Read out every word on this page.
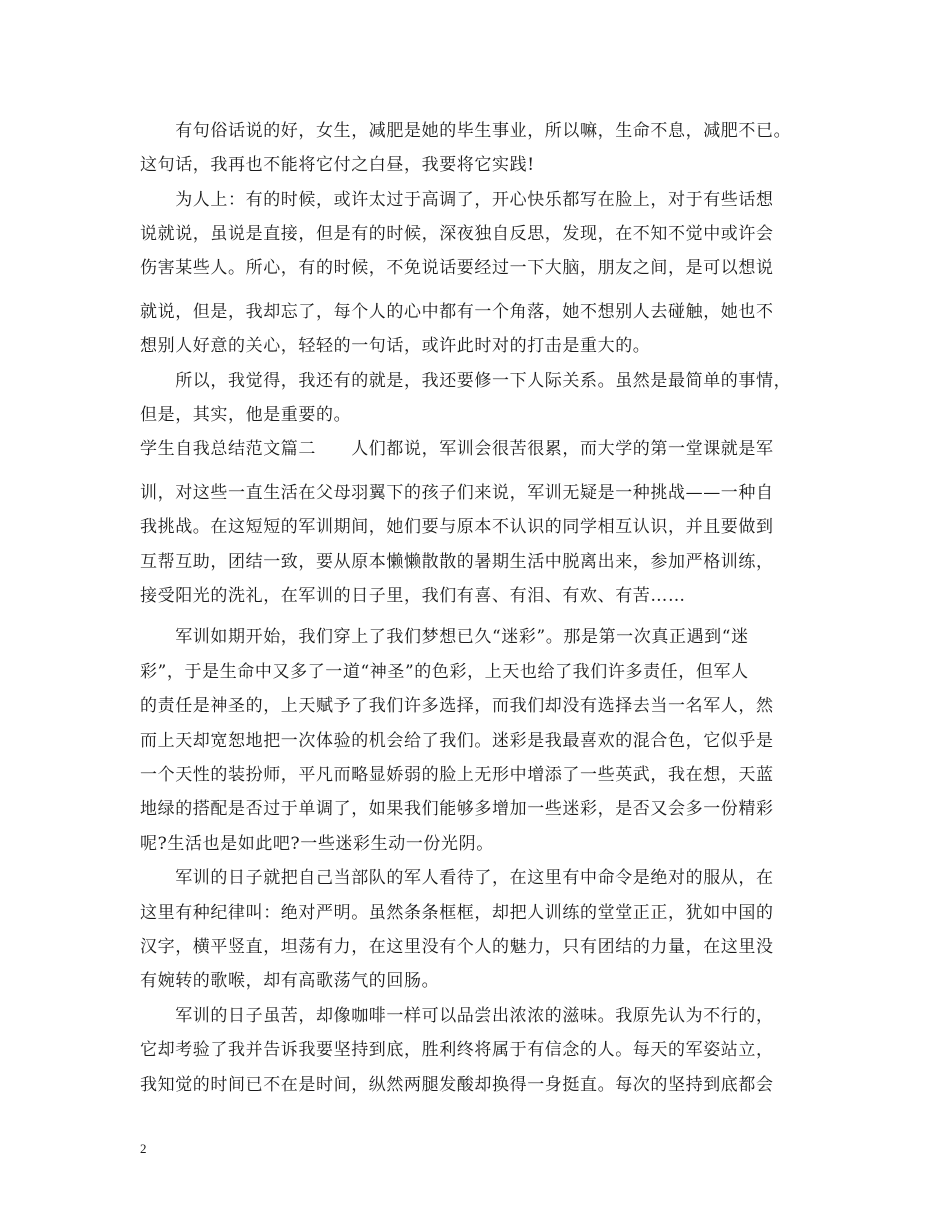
　　有句俗话说的好，女生，减肥是她的毕生事业，所以嘛，生命不息，减肥不已。
这句话，我再也不能将它付之白昼，我要将它实践!
　　为人上：有的时候，或许太过于高调了，开心快乐都写在脸上，对于有些话想
说就说，虽说是直接，但是有的时候，深夜独自反思，发现，在不知不觉中或许会
伤害某些人。所心，有的时候，不免说话要经过一下大脑，朋友之间，是可以想说
就说，但是，我却忘了，每个人的心中都有一个角落，她不想别人去碰触，她也不
想别人好意的关心，轻轻的一句话，或许此时对的打击是重大的。
　　所以，我觉得，我还有的就是，我还要修一下人际关系。虽然是最简单的事情，
但是，其实，他是重要的。
学生自我总结范文篇二　　人们都说，军训会很苦很累，而大学的第一堂课就是军
训，对这些一直生活在父母羽翼下的孩子们来说，军训无疑是一种挑战——一种自
我挑战。在这短短的军训期间，她们要与原本不认识的同学相互认识，并且要做到
互帮互助，团结一致，要从原本懒懒散散的暑期生活中脱离出来，参加严格训练，
接受阳光的洗礼，在军训的日子里，我们有喜、有泪、有欢、有苦……
　　军训如期开始，我们穿上了我们梦想已久“迷彩”。那是第一次真正遇到“迷
彩”，于是生命中又多了一道“神圣”的色彩，上天也给了我们许多责任，但军人
的责任是神圣的，上天赋予了我们许多选择，而我们却没有选择去当一名军人，然
而上天却宽恕地把一次体验的机会给了我们。迷彩是我最喜欢的混合色，它似乎是
一个天性的装扮师，平凡而略显娇弱的脸上无形中增添了一些英武，我在想，天蓝
地绿的搭配是否过于单调了，如果我们能够多增加一些迷彩，是否又会多一份精彩
呢?生活也是如此吧?一些迷彩生动一份光阴。
　　军训的日子就把自己当部队的军人看待了，在这里有中命令是绝对的服从，在
这里有种纪律叫：绝对严明。虽然条条框框，却把人训练的堂堂正正，犹如中国的
汉字，横平竖直，坦荡有力，在这里没有个人的魅力，只有团结的力量，在这里没
有婉转的歌喉，却有高歌荡气的回肠。
　　军训的日子虽苦，却像咖啡一样可以品尝出浓浓的滋味。我原先认为不行的，
它却考验了我并告诉我要坚持到底，胜利终将属于有信念的人。每天的军姿站立，
我知觉的时间已不在是时间，纵然两腿发酸却换得一身挺直。每次的坚持到底都会
2
